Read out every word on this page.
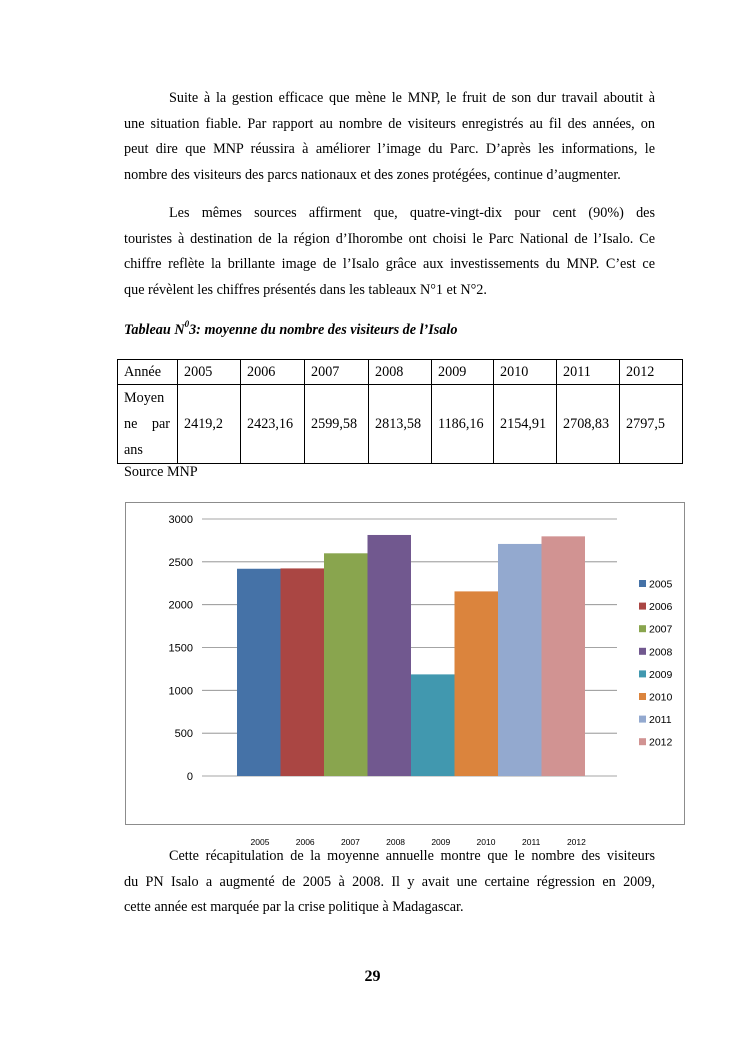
Suite à la gestion efficace que mène le MNP, le fruit de son dur travail aboutit à
une situation fiable. Par rapport au nombre de visiteurs enregistrés au fil des années, on
peut dire que MNP réussira à améliorer l’image du Parc. D’après les informations, le
nombre des visiteurs des parcs nationaux et des zones protégées, continue d’augmenter.
Les mêmes sources affirment que, quatre-vingt-dix pour cent (90%) des
touristes à destination de la région d’Ihorombe ont choisi le Parc National de l’Isalo. Ce
chiffre reflète la brillante image de l’Isalo grâce aux investissements du MNP. C’est ce
que révèlent les chiffres présentés dans les tableaux N°1 et N°2.
Tableau $N^03$: moyenne du nombre des visiteurs de l’Isalo
Année	2005	2006	2007	2008	2009	2010	2011	2012

Moyen
ne par
ans	2419,2	2423,16	2599,58	2813,58	1186,16	2154,91	2708,83	2797,5
Source MNP
0
500
1000
1500
2000
2500
3000
2005	2006	2007	2008	2009	2010	2011	2012
2005
2006
2007
2008
2009
2010
2011
2012
Cette récapitulation de la moyenne annuelle montre que le nombre des visiteurs
du PN Isalo a augmenté de 2005 à 2008. Il y avait une certaine régression en 2009,
cette année est marquée par la crise politique à Madagascar.
29
